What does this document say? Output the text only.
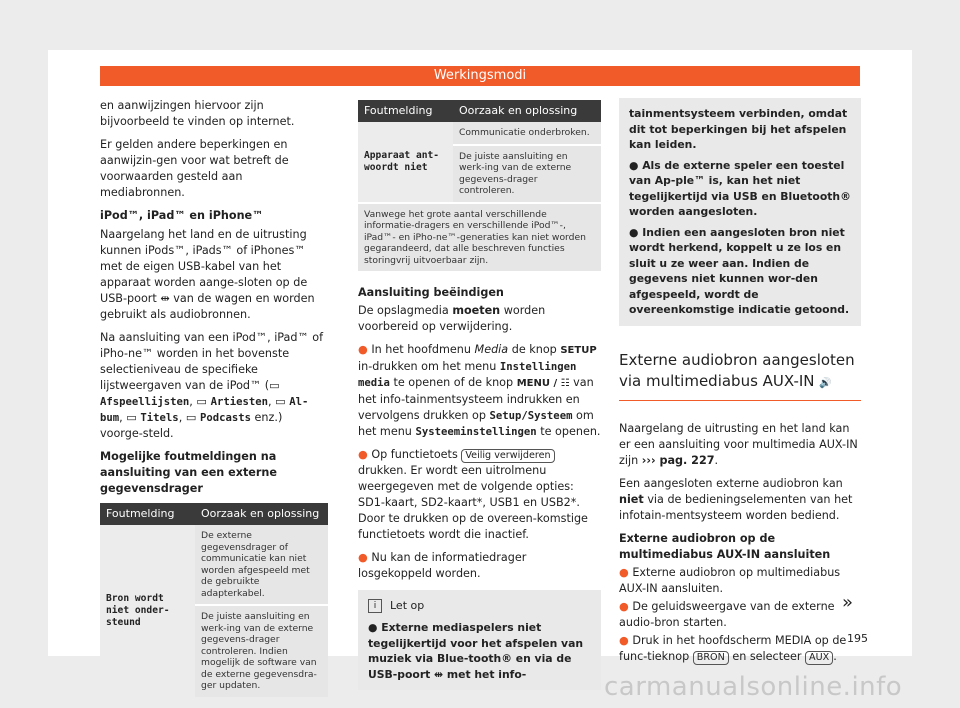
Werkingsmodi

en aanwijzingen hiervoor zijn bijvoorbeeld te vinden op internet.

Er gelden andere beperkingen en aanwijzin-gen voor wat betreft de voorwaarden gesteld aan mediabronnen.

iPod™, iPad™ en iPhone™

Naargelang het land en de uitrusting kunnen iPods™, iPads™ of iPhones™ met de eigen USB-kabel van het apparaat worden aange-sloten op de USB-poort ⇹ van de wagen en worden gebruikt als audiobronnen.

Na aansluiting van een iPod™, iPad™ of iPho-ne™ worden in het bovenste selectieniveau de specifieke lijstweergaven van de iPod™ (▭ Afspeellijsten, ▭ Artiesten, ▭ Al-bum, ▭ Titels, ▭ Podcasts enz.) voorge-steld.

Mogelijke foutmeldingen na aansluiting van een externe gegevensdrager

Foutmelding	Oorzaak en oplossing
Bron wordt niet onder-steund	De externe gegevensdrager of communicatie kan niet worden afgespeeld met de gebruikte adapterkabel.
	De juiste aansluiting en werk-ing van de externe gegevens-drager controleren. Indien mogelijk de software van de externe gegevensdra-ger updaten.
Foutmelding	Oorzaak en oplossing
Apparaat ant-woordt niet	Communicatie onderbroken.
	De juiste aansluiting en werk-ing van de externe gegevens-drager controleren.
Vanwege het grote aantal verschillende informatie-dragers en verschillende iPod™-, iPad™- en iPho-ne™-generaties kan niet worden gegarandeerd, dat alle beschreven functies storingvrij uitvoerbaar zijn.	

Aansluiting beëindigen

De opslagmedia moeten worden voorbereid op verwijdering.

● In het hoofdmenu Media de knop SETUP in-drukken om het menu Instellingen media te openen of de knop MENU / ☷ van het info-tainmentsysteem indrukken en vervolgens drukken op Setup/Systeem om het menu Systeeminstellingen te openen.

● Op functietoets Veilig verwijderen drukken. Er wordt een uitrolmenu weergegeven met de volgende opties: SD1-kaart, SD2-kaart*, USB1 en USB2*. Door te drukken op de overeen-komstige functietoets wordt die inactief.

● Nu kan de informatiedrager losgekoppeld worden.

i	Let op

● Externe mediaspelers niet tegelijkertijd voor het afspelen van muziek via Blue-tooth® en via de USB-poort ⇹ met het info-

tainmentsysteem verbinden, omdat dit tot beperkingen bij het afspelen kan leiden.

● Als de externe speler een toestel van Ap-ple™ is, kan het niet tegelijkertijd via USB en Bluetooth® worden aangesloten.

● Indien een aangesloten bron niet wordt herkend, koppelt u ze los en sluit u ze weer aan. Indien de gegevens niet kunnen wor-den afgespeeld, wordt de overeenkomstige indicatie getoond.

Externe audiobron aangesloten via multimediabus AUX-IN 🔊

Naargelang de uitrusting en het land kan er een aansluiting voor multimedia AUX-IN zijn ››› pag. 227.

Een aangesloten externe audiobron kan niet via de bedieningselementen van het infotain-mentsysteem worden bediend.

Externe audiobron op de multimediabus AUX-IN aansluiten

● Externe audiobron op multimediabus AUX-IN aansluiten.

● De geluidsweergave van de externe audio-bron starten.

● Druk in het hoofdscherm MEDIA op de func-tieknop BRON en selecteer AUX .

»
195
carmanualsonline.info
